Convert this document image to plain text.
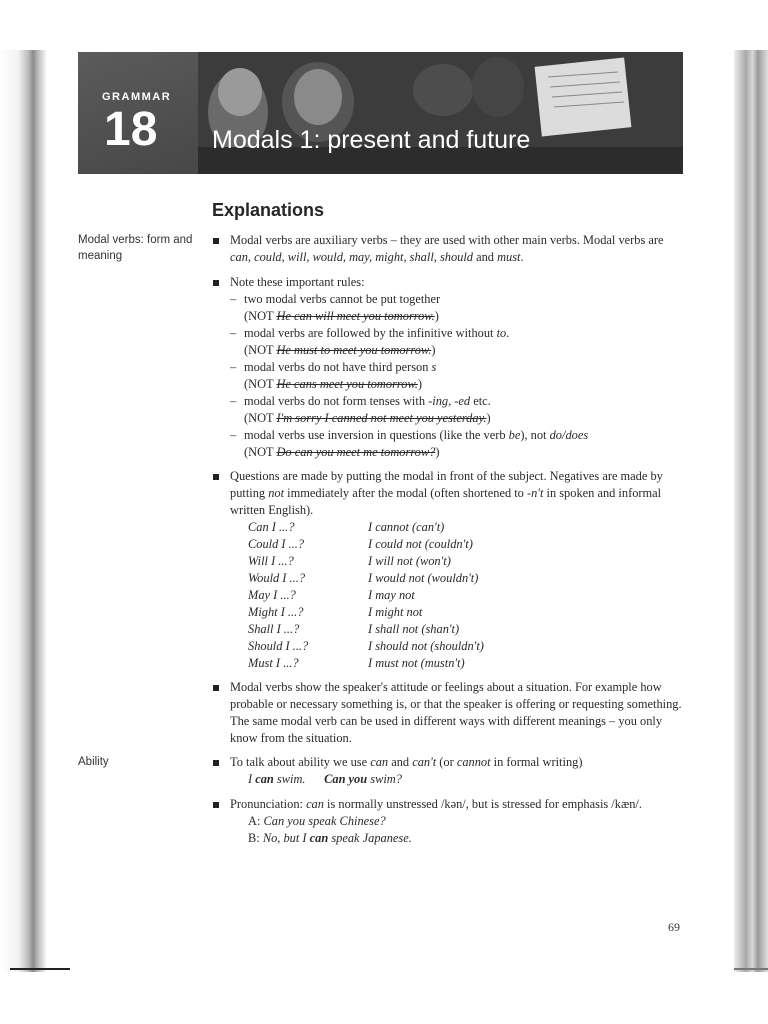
GRAMMAR
18 Modals 1: present and future
Modal verbs: form and meaning
Ability
Explanations
Modal verbs are auxiliary verbs – they are used with other main verbs. Modal verbs are can, could, will, would, may, might, shall, should and must.
Note these important rules:
– two modal verbs cannot be put together
(NOT He can will meet you tomorrow.)
– modal verbs are followed by the infinitive without to.
(NOT He must to meet you tomorrow.)
– modal verbs do not have third person s
(NOT He cans meet you tomorrow.)
– modal verbs do not form tenses with -ing, -ed etc.
(NOT I'm sorry I canned not meet you yesterday.)
– modal verbs use inversion in questions (like the verb be), not do/does
(NOT Do can you meet me tomorrow?)
Questions are made by putting the modal in front of the subject. Negatives are made by putting not immediately after the modal (often shortened to -n't in spoken and informal written English).
Can I ...?	I cannot (can't)
Could I ...?	I could not (couldn't)
Will I ...?	I will not (won't)
Would I ...?	I would not (wouldn't)
May I ...?	I may not
Might I ...?	I might not
Shall I ...?	I shall not (shan't)
Should I ...?	I should not (shouldn't)
Must I ...?	I must not (mustn't)
Modal verbs show the speaker's attitude or feelings about a situation. For example how probable or necessary something is, or that the speaker is offering or requesting something. The same modal verb can be used in different ways with different meanings – you only know from the situation.
To talk about ability we use can and can't (or cannot in formal writing)
I can swim. Can you swim?
Pronunciation: can is normally unstressed /kən/, but is stressed for emphasis /kæn/.
A: Can you speak Chinese?
B: No, but I can speak Japanese.
69
